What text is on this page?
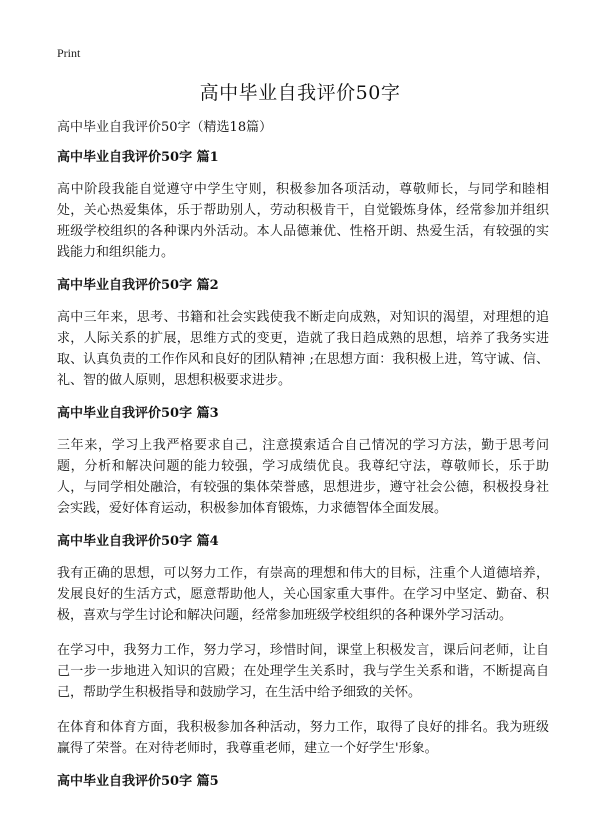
Print
高中毕业自我评价50字

高中毕业自我评价50字（精选18篇）

高中毕业自我评价50字 篇1

高中阶段我能自觉遵守中学生守则，积极参加各项活动，尊敬师长，与同学和睦相处，关心热爱集体，乐于帮助别人，劳动积极肯干，自觉锻炼身体，经常参加并组织班级学校组织的各种课内外活动。本人品德兼优、性格开朗、热爱生活，有较强的实践能力和组织能力。

高中毕业自我评价50字 篇2

高中三年来，思考、书籍和社会实践使我不断走向成熟，对知识的渴望，对理想的追求，人际关系的扩展，思维方式的变更，造就了我日趋成熟的思想，培养了我务实进取、认真负责的工作作风和良好的团队精神 ;在思想方面：我积极上进，笃守诚、信、礼、智的做人原则，思想积极要求进步。

高中毕业自我评价50字 篇3

三年来，学习上我严格要求自己，注意摸索适合自己情况的学习方法，勤于思考问题，分析和解决问题的能力较强，学习成绩优良。我尊纪守法，尊敬师长，乐于助人，与同学相处融洽，有较强的集体荣誉感，思想进步，遵守社会公德，积极投身社会实践，爱好体育运动，积极参加体育锻炼，力求德智体全面发展。

高中毕业自我评价50字 篇4

我有正确的思想，可以努力工作，有崇高的理想和伟大的目标，注重个人道德培养，发展良好的生活方式，愿意帮助他人，关心国家重大事件。在学习中坚定、勤奋、积极，喜欢与学生讨论和解决问题，经常参加班级学校组织的各种课外学习活动。

在学习中，我努力工作，努力学习，珍惜时间，课堂上积极发言，课后问老师，让自己一步一步地进入知识的宫殿；在处理学生关系时，我与学生关系和谐，不断提高自己，帮助学生积极指导和鼓励学习，在生活中给予细致的关怀。

在体育和体育方面，我积极参加各种活动，努力工作，取得了良好的排名。我为班级赢得了荣誉。在对待老师时，我尊重老师，建立一个好学生'形象。

高中毕业自我评价50字 篇5
